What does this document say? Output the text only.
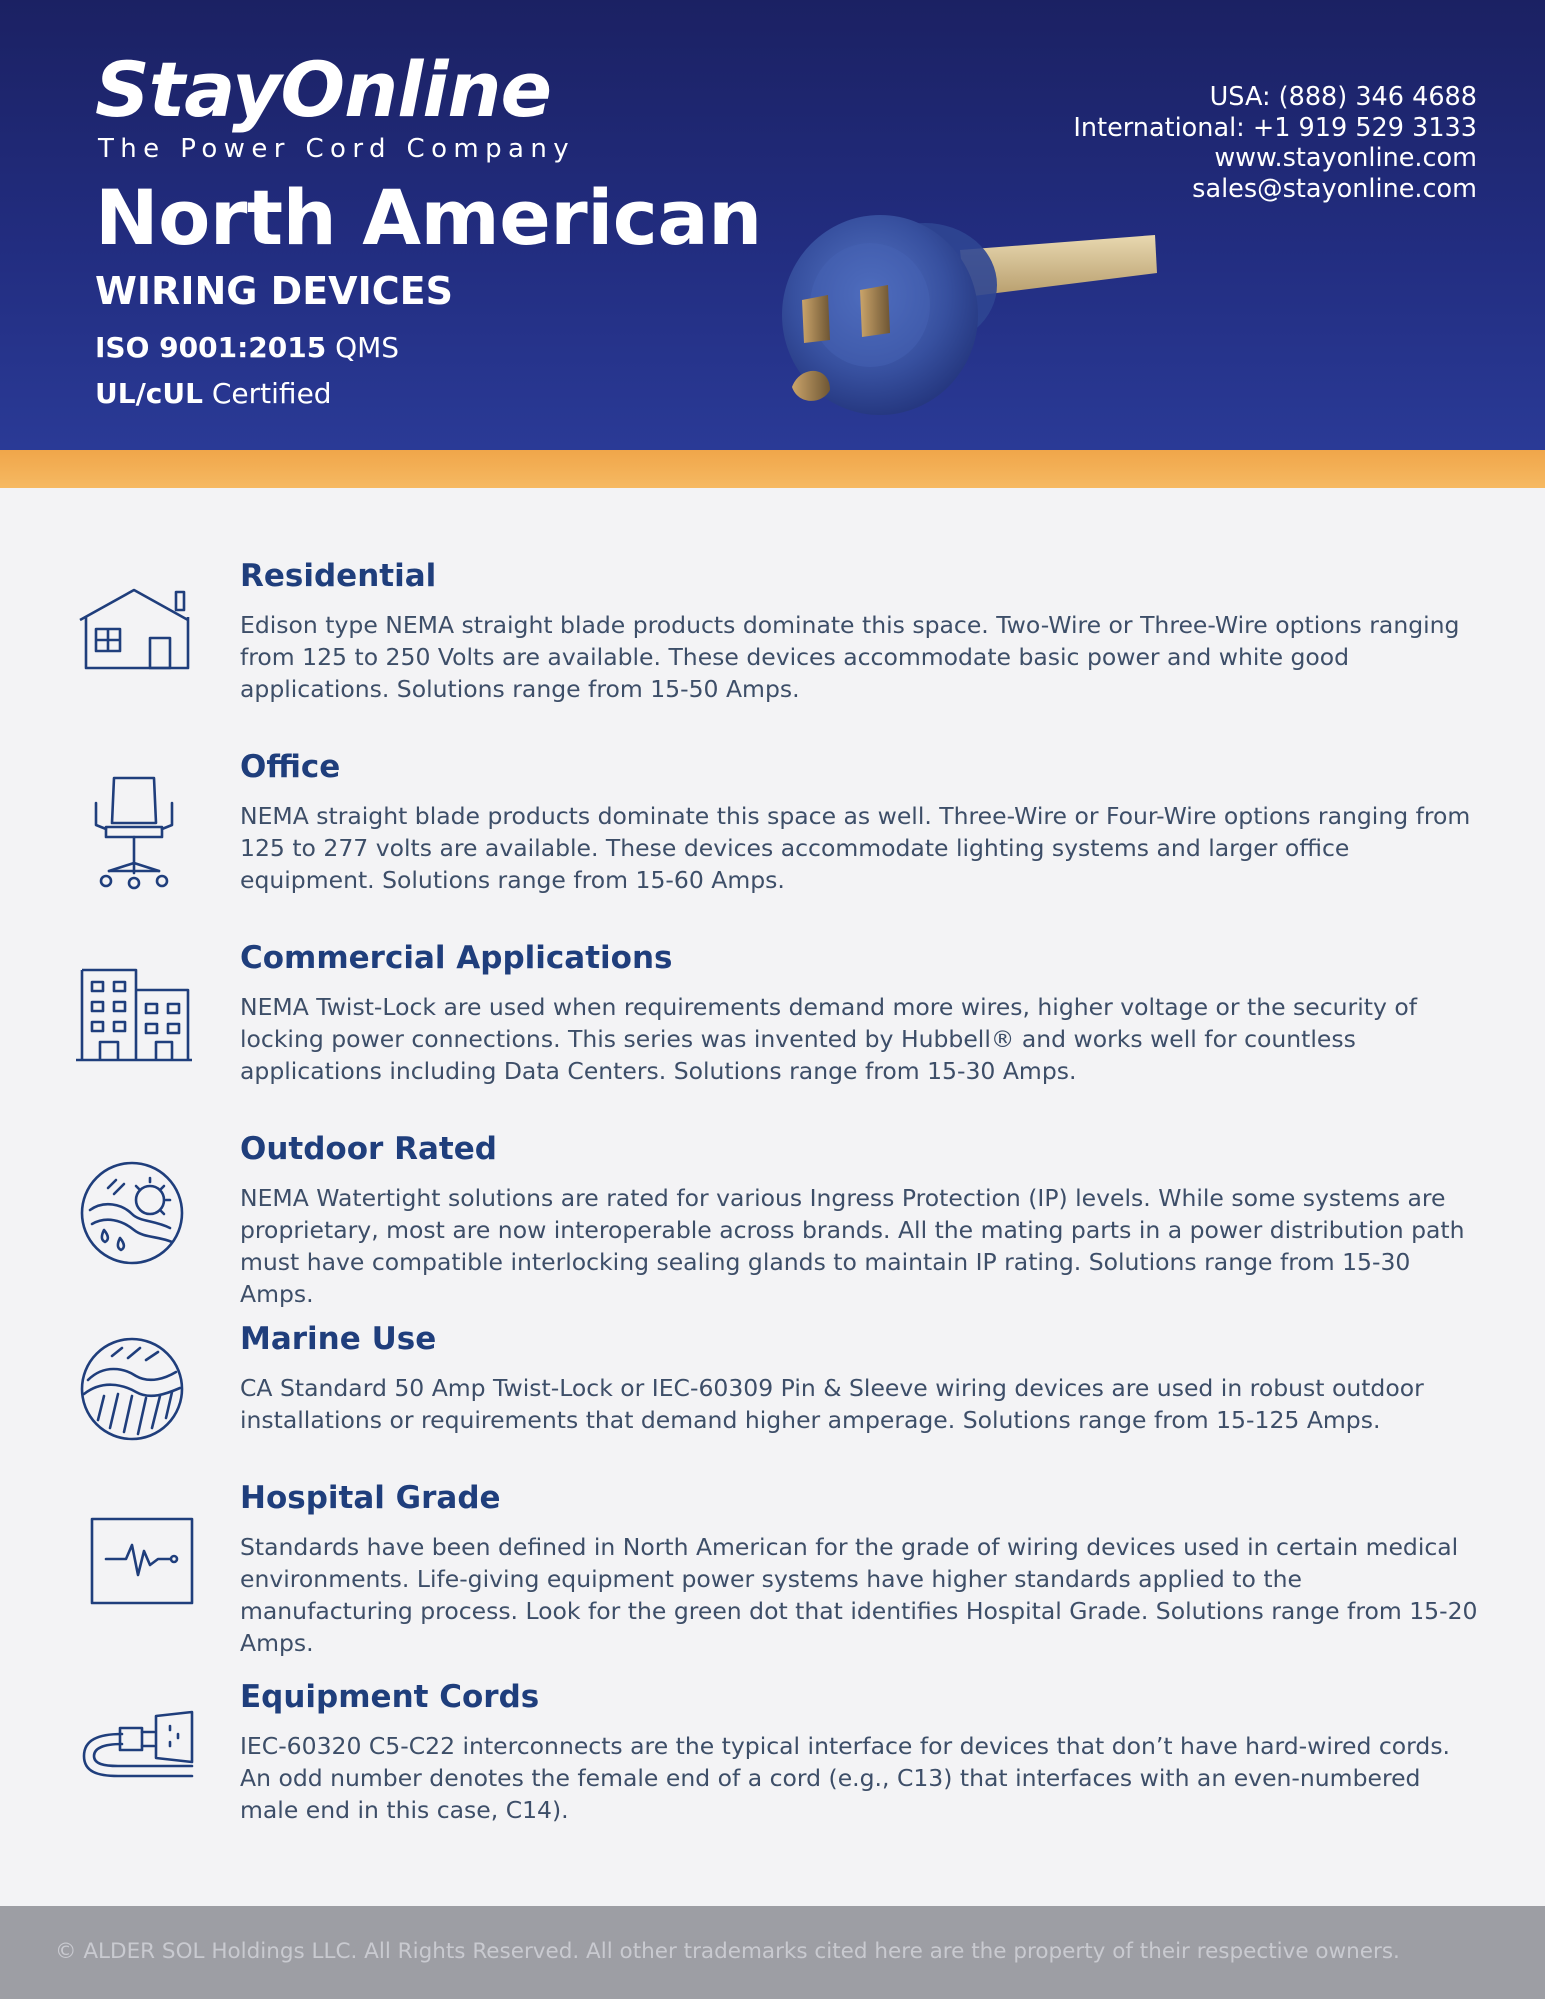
StayOnline
The Power Cord Company
North American
WIRING DEVICES
ISO 9001:2015 QMS
UL/cUL Certified
USA: (888) 346 4688
International: +1 919 529 3133
www.stayonline.com
sales@stayonline.com
Residential
Edison type NEMA straight blade products dominate this space. Two-Wire or Three-Wire options ranging from 125 to 250 Volts are available. These devices accommodate basic power and white good applications. Solutions range from 15-50 Amps.
Office
NEMA straight blade products dominate this space as well. Three-Wire or Four-Wire options ranging from 125 to 277 volts are available. These devices accommodate lighting systems and larger office equipment. Solutions range from 15-60 Amps.
Commercial Applications
NEMA Twist-Lock are used when requirements demand more wires, higher voltage or the security of locking power connections. This series was invented by Hubbell® and works well for countless applications including Data Centers. Solutions range from 15-30 Amps.
Outdoor Rated
NEMA Watertight solutions are rated for various Ingress Protection (IP) levels. While some systems are proprietary, most are now interoperable across brands. All the mating parts in a power distribution path must have compatible interlocking sealing glands to maintain IP rating. Solutions range from 15-30 Amps.
Marine Use
CA Standard 50 Amp Twist-Lock or IEC-60309 Pin & Sleeve wiring devices are used in robust outdoor installations or requirements that demand higher amperage. Solutions range from 15-125 Amps.
Hospital Grade
Standards have been defined in North American for the grade of wiring devices used in certain medical environments. Life-giving equipment power systems have higher standards applied to the manufacturing process. Look for the green dot that identifies Hospital Grade. Solutions range from 15-20 Amps.
Equipment Cords
IEC-60320 C5-C22 interconnects are the typical interface for devices that don’t have hard-wired cords. An odd number denotes the female end of a cord (e.g., C13) that interfaces with an even-numbered male end in this case, C14).
© ALDER SOL Holdings LLC. All Rights Reserved. All other trademarks cited here are the property of their respective owners.
